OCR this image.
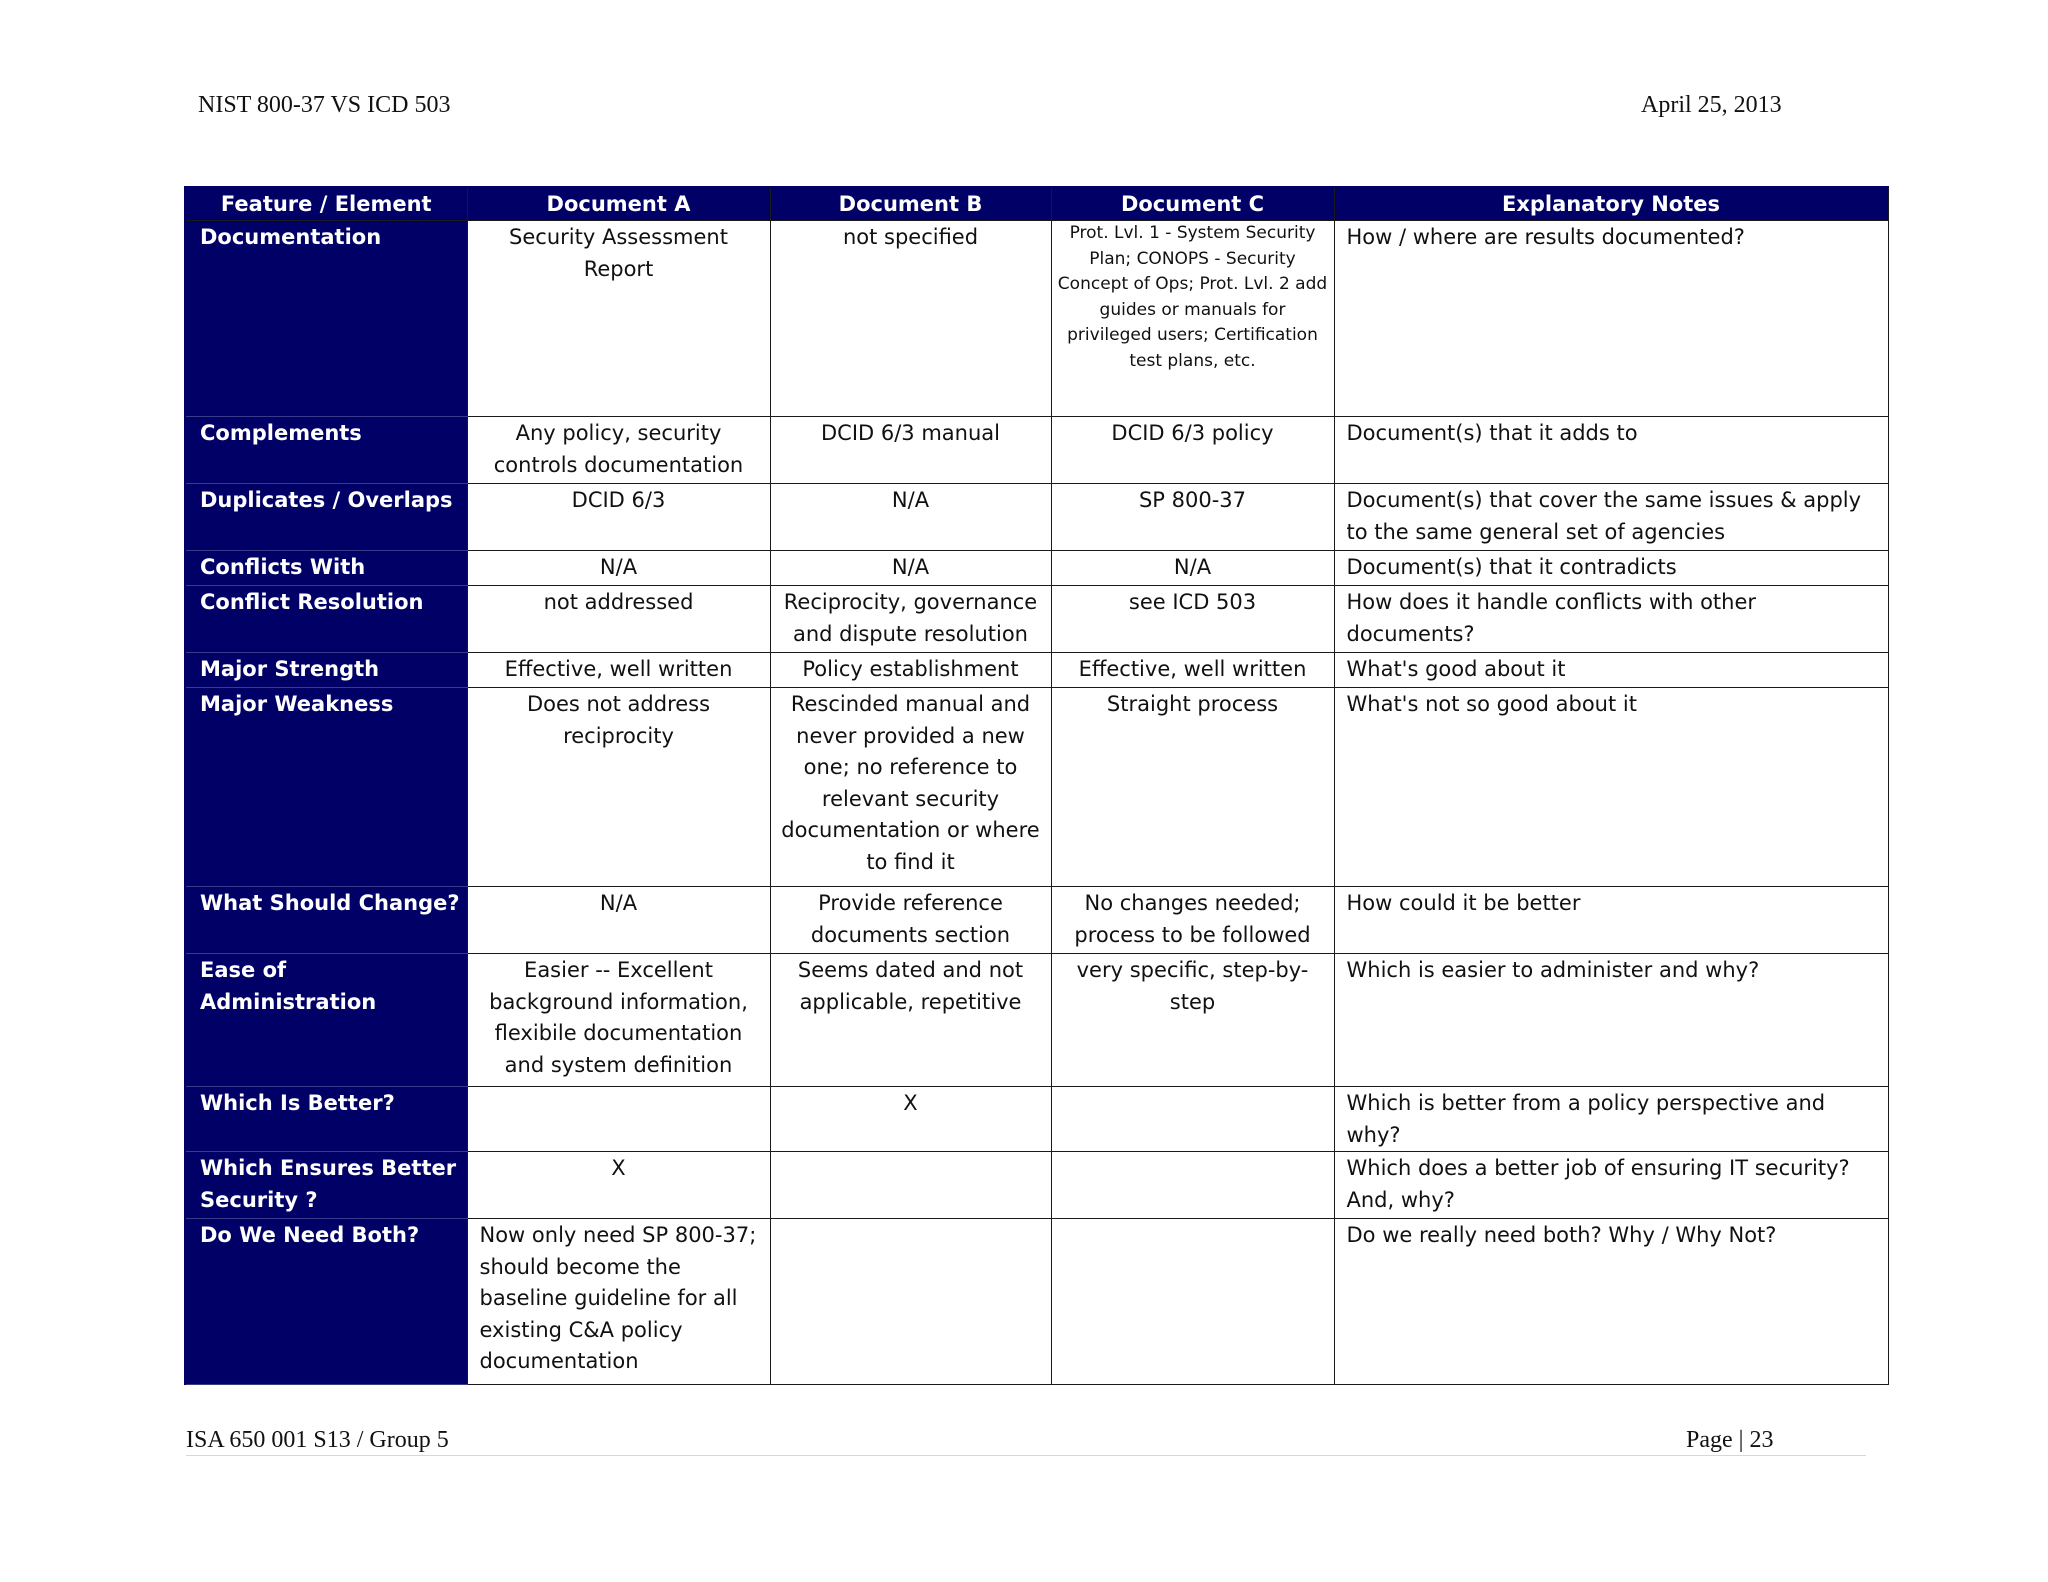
NIST 800-37 VS ICD 503	April 25, 2013
Feature / Element	Document A	Document B	Document C	Explanatory Notes
Documentation	Security Assessment Report	not specified	Prot. Lvl. 1 - System Security Plan; CONOPS - Security Concept of Ops; Prot. Lvl. 2 add guides or manuals for privileged users; Certification test plans, etc.	How / where are results documented?
Complements	Any policy, security controls documentation	DCID 6/3 manual	DCID 6/3 policy	Document(s) that it adds to
Duplicates / Overlaps	DCID 6/3	N/A	SP 800-37	Document(s) that cover the same issues & apply to the same general set of agencies
Conflicts With	N/A	N/A	N/A	Document(s) that it contradicts
Conflict Resolution	not addressed	Reciprocity, governance and dispute resolution	see ICD 503	How does it handle conflicts with other documents?
Major Strength	Effective, well written	Policy establishment	Effective, well written	What's good about it
Major Weakness	Does not address reciprocity	Rescinded manual and never provided a new one; no reference to relevant security documentation or where to find it	Straight process	What's not so good about it
What Should Change?	N/A	Provide reference documents section	No changes needed; process to be followed	How could it be better
Ease of Administration	Easier -- Excellent background information, flexibile documentation and system definition	Seems dated and not applicable, repetitive	very specific, step-by-step	Which is easier to administer and why?
Which Is Better?		X		Which is better from a policy perspective and why?
Which Ensures Better Security ?	X			Which does a better job of ensuring IT security? And, why?
Do We Need Both?	Now only need SP 800-37; should become the baseline guideline for all existing C&A policy documentation			Do we really need both? Why / Why Not?
ISA 650 001 S13 / Group 5	Page | 23
